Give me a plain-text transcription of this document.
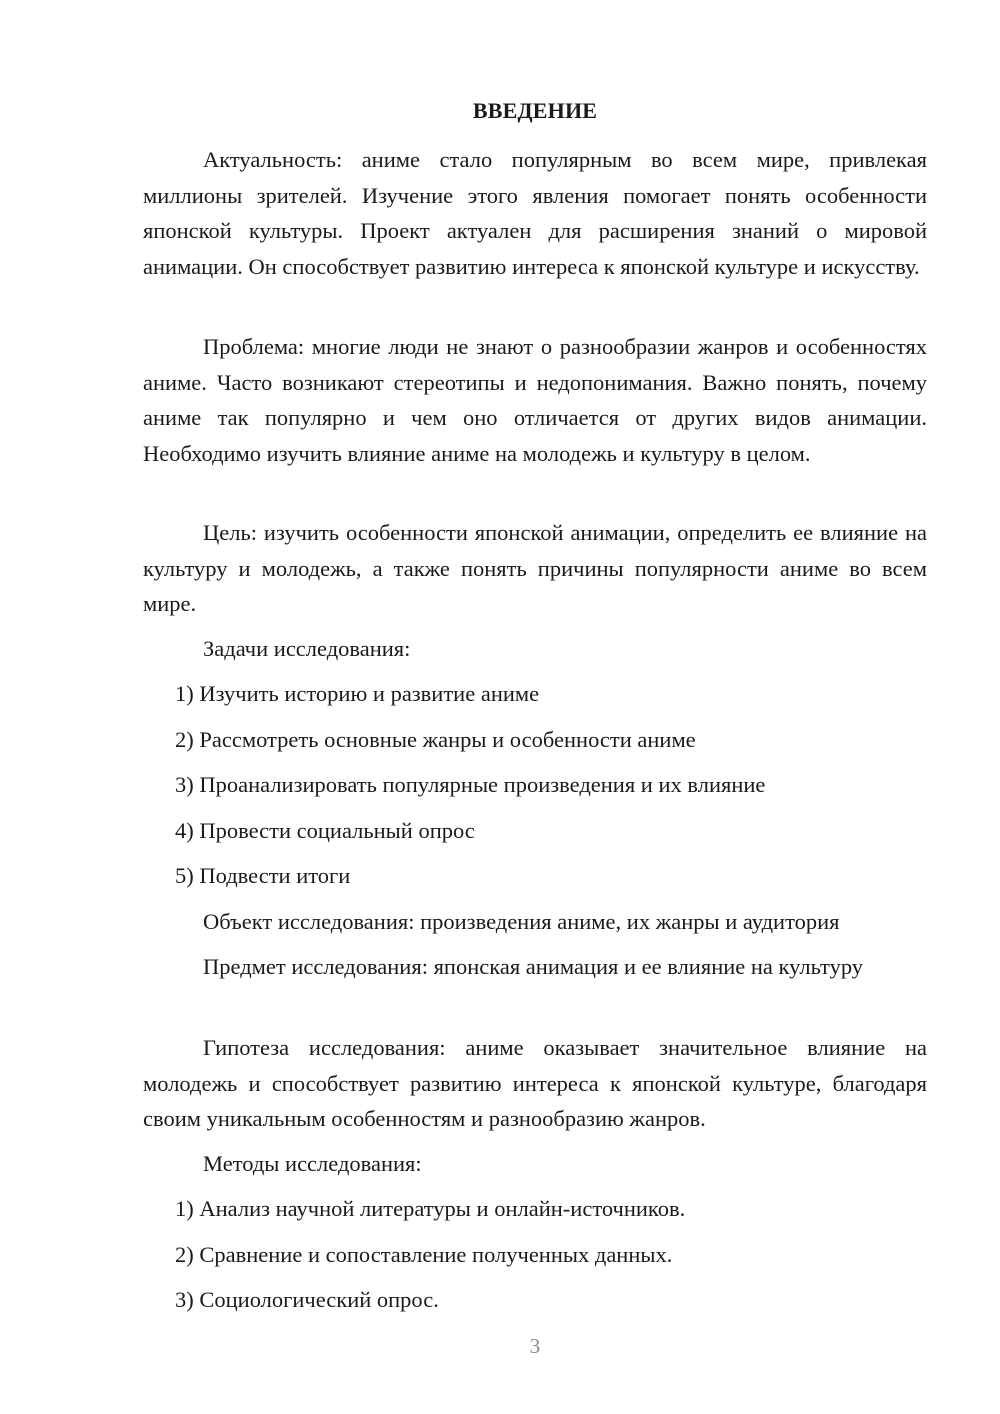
ВВЕДЕНИЕ

Актуальность: аниме стало популярным во всем мире, привлекая миллионы зрителей. Изучение этого явления помогает понять особенности японской культуры. Проект актуален для расширения знаний о мировой анимации. Он способствует развитию интереса к японской культуре и искусству.

Проблема: многие люди не знают о разнообразии жанров и особенностях аниме. Часто возникают стереотипы и недопонимания. Важно понять, почему аниме так популярно и чем оно отличается от других видов анимации. Необходимо изучить влияние аниме на молодежь и культуру в целом.

Цель: изучить особенности японской анимации, определить ее влияние на культуру и молодежь, а также понять причины популярности аниме во всем мире.

Задачи исследования:
1) Изучить историю и развитие аниме
2) Рассмотреть основные жанры и особенности аниме
3) Проанализировать популярные произведения и их влияние
4) Провести социальный опрос
5) Подвести итоги
Объект исследования: произведения аниме, их жанры и аудитория

Предмет исследования: японская анимация и ее влияние на культуру

Гипотеза исследования: аниме оказывает значительное влияние на молодежь и способствует развитию интереса к японской культуре, благодаря своим уникальным особенностям и разнообразию жанров.

Методы исследования:
1) Анализ научной литературы и онлайн-источников.
2) Сравнение и сопоставление полученных данных.
3) Социологический опрос.
3
